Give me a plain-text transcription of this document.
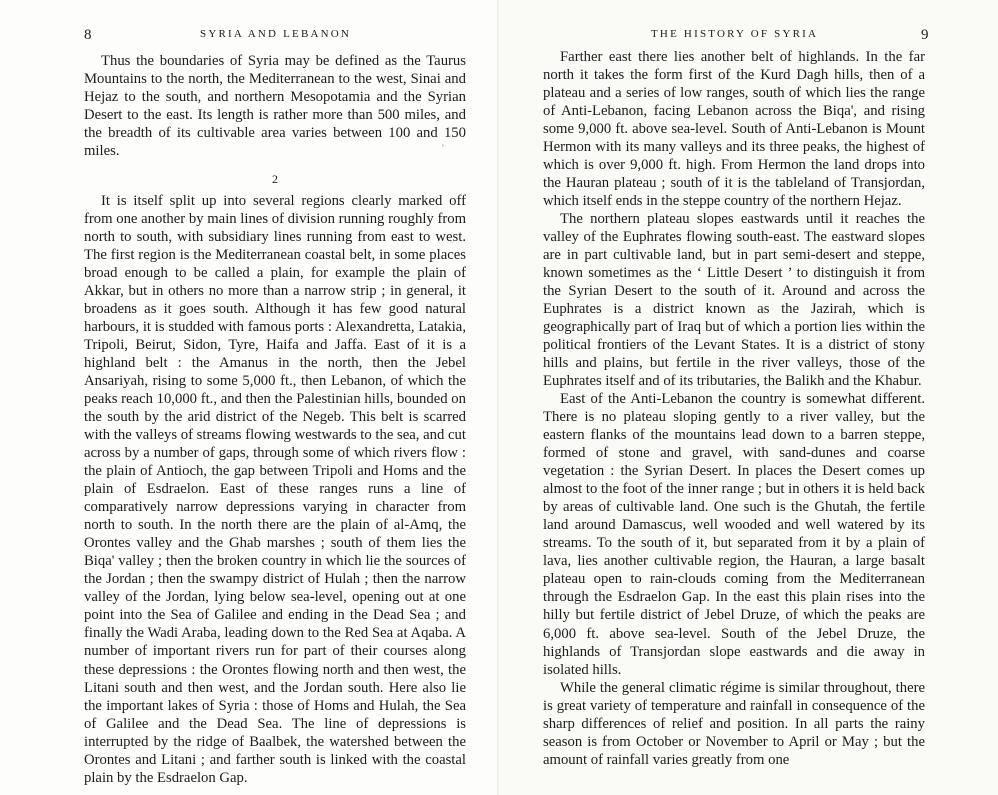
8	SYRIA AND LEBANON

Thus the boundaries of Syria may be defined as the Taurus Mountains to the north, the Mediterranean to the west, Sinai and Hejaz to the south, and northern Mesopotamia and the Syrian Desert to the east. Its length is rather more than 500 miles, and the breadth of its cultivable area varies between 100 and 150 miles.

2

It is itself split up into several regions clearly marked off from one another by main lines of division running roughly from north to south, with subsidiary lines running from east to west. The first region is the Mediterranean coastal belt, in some places broad enough to be called a plain, for example the plain of Akkar, but in others no more than a narrow strip ; in general, it broadens as it goes south. Although it has few good natural harbours, it is studded with famous ports : Alexandretta, Latakia, Tripoli, Beirut, Sidon, Tyre, Haifa and Jaffa. East of it is a highland belt : the Amanus in the north, then the Jebel Ansariyah, rising to some 5,000 ft., then Lebanon, of which the peaks reach 10,000 ft., and then the Palestinian hills, bounded on the south by the arid district of the Negeb. This belt is scarred with the valleys of streams flowing westwards to the sea, and cut across by a number of gaps, through some of which rivers flow : the plain of Antioch, the gap between Tripoli and Homs and the plain of Esdraelon. East of these ranges runs a line of comparatively narrow depressions varying in character from north to south. In the north there are the plain of al-Amq, the Orontes valley and the Ghab marshes ; south of them lies the Biqa' valley ; then the broken country in which lie the sources of the Jordan ; then the swampy district of Hulah ; then the narrow valley of the Jordan, lying below sea-level, opening out at one point into the Sea of Galilee and ending in the Dead Sea ; and finally the Wadi Araba, leading down to the Red Sea at Aqaba. A number of important rivers run for part of their courses along these depressions : the Orontes flowing north and then west, the Litani south and then west, and the Jordan south. Here also lie the important lakes of Syria : those of Homs and Hulah, the Sea of Galilee and the Dead Sea. The line of depressions is interrupted by the ridge of Baalbek, the watershed between the Orontes and Litani ; and farther south is linked with the coastal plain by the Esdraelon Gap.

˒
9
THE HISTORY OF SYRIA

Farther east there lies another belt of highlands. In the far north it takes the form first of the Kurd Dagh hills, then of a plateau and a series of low ranges, south of which lies the range of Anti-Lebanon, facing Lebanon across the Biqa', and rising some 9,000 ft. above sea-level. South of Anti-Lebanon is Mount Hermon with its many valleys and its three peaks, the highest of which is over 9,000 ft. high. From Hermon the land drops into the Hauran plateau ; south of it is the tableland of Transjordan, which itself ends in the steppe country of the northern Hejaz.

The northern plateau slopes eastwards until it reaches the valley of the Euphrates flowing south-east. The eastward slopes are in part cultivable land, but in part semi-desert and steppe, known sometimes as the ‘ Little Desert ’ to distinguish it from the Syrian Desert to the south of it. Around and across the Euphrates is a district known as the Jazirah, which is geographically part of Iraq but of which a portion lies within the political frontiers of the Levant States. It is a district of stony hills and plains, but fertile in the river valleys, those of the Euphrates itself and of its tributaries, the Balikh and the Khabur.

East of the Anti-Lebanon the country is somewhat different. There is no plateau sloping gently to a river valley, but the eastern flanks of the mountains lead down to a barren steppe, formed of stone and gravel, with sand-dunes and coarse vegetation : the Syrian Desert. In places the Desert comes up almost to the foot of the inner range ; but in others it is held back by areas of cultivable land. One such is the Ghutah, the fertile land around Damascus, well wooded and well watered by its streams. To the south of it, but separated from it by a plain of lava, lies another cultivable region, the Hauran, a large basalt plateau open to rain-clouds coming from the Mediterranean through the Esdraelon Gap. In the east this plain rises into the hilly but fertile district of Jebel Druze, of which the peaks are 6,000 ft. above sea-level. South of the Jebel Druze, the highlands of Transjordan slope eastwards and die away in isolated hills.

While the general climatic régime is similar throughout, there is great variety of temperature and rainfall in consequence of the sharp differences of relief and position. In all parts the rainy season is from October or November to April or May ; but the amount of rainfall varies greatly from one
